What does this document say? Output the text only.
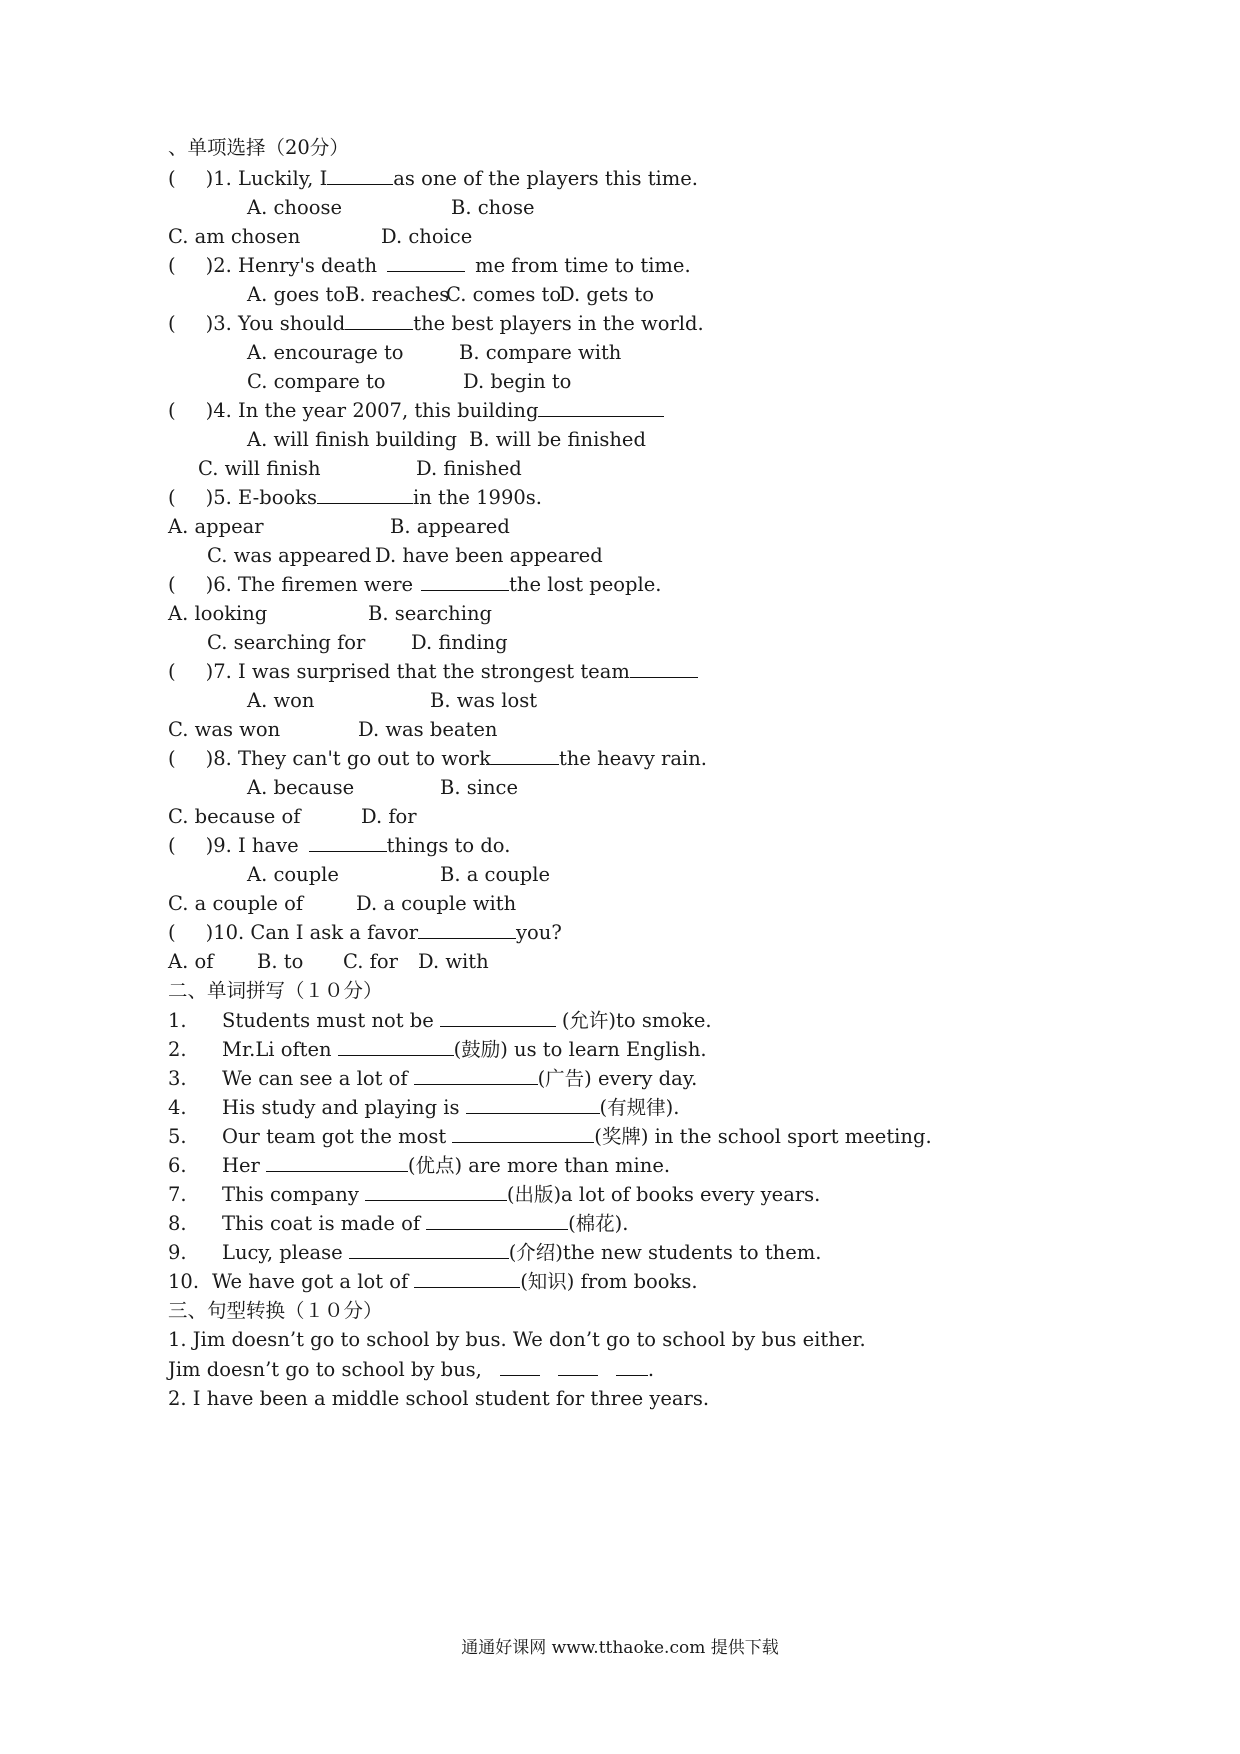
、单项选择（20分）
( )1. Luckily, I	as one of the players this time.
A. choose	B. chose
C. am chosen	D. choice
( )2. Henry's death	me from time to time.
A. goes to B. reaches
C. comes to
D. gets to
( )3. You should	the best players in the world.
A. encourage to	B. compare with
C. compare to	D. begin to
( )4. In the year 2007, this building
A. will finish building B. will be finished
C. will finish	D. finished
( )5. E-books	in the 1990s.
A. appear	B. appeared
C. was appeared D. have been appeared
( )6. The firemen were	the lost people.
A. looking	B. searching
C. searching for D. finding
( )7. I was surprised that the strongest team
A. won	B. was lost
C. was won	D. was beaten
( )8. They can't go out to work	the heavy rain.
A. because	B. since
C. because of	D. for
( )9. I have	things to do.
A. couple	B. a couple
C. a couple of	D. a couple with
( )10. Can I ask a favor	you?
A. of B. to C. for D. with
二、单词拼写（１０分）
1. Students must not be	(允许)to smoke.
2. Mr.Li often	(鼓励) us to learn English.
3. We can see a lot of	(广告) every day.
4. His study and playing is	(有规律).
5. Our team got the most	(奖牌) in the school sport meeting.
6. Her	(优点) are more than mine.
7. This company	(出版)a lot of books every years.
8. This coat is made of	(棉花).
9. Lucy, please	(介绍)the new students to them.
10. We have got a lot of	(知识) from books.
三、句型转换（１０分）
1. Jim doesn’t go to school by bus. We don’t go to school by bus either.
Jim doesn’t go to school by bus,	.
2. I have been a middle school student for three years.
通通好课网 www.tthaoke.com 提供下载
